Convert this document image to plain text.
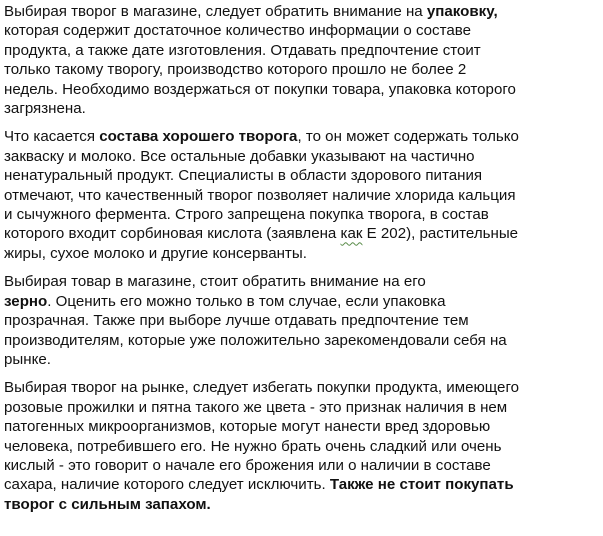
Выбирая творог в магазине, следует обратить внимание на упаковку,
которая содержит достаточное количество информации о составе
продукта, а также дате изготовления. Отдавать предпочтение стоит
только такому творогу, производство которого прошло не более 2
недель. Необходимо воздержаться от покупки товара, упаковка которого
загрязнена.

Что касается состава хорошего творога, то он может содержать только
закваску и молоко. Все остальные добавки указывают на частично
ненатуральный продукт. Специалисты в области здорового питания
отмечают, что качественный творог позволяет наличие хлорида кальция
и сычужного фермента. Строго запрещена покупка творога, в состав
которого входит сорбиновая кислота (заявлена как Е 202), растительные
жиры, сухое молоко и другие консерванты.

Выбирая товар в магазине, стоит обратить внимание на его
зерно. Оценить его можно только в том случае, если упаковка
прозрачная. Также при выборе лучше отдавать предпочтение тем
производителям, которые уже положительно зарекомендовали себя на
рынке.

Выбирая творог на рынке, следует избегать покупки продукта, имеющего
розовые прожилки и пятна такого же цвета - это признак наличия в нем
патогенных микроорганизмов, которые могут нанести вред здоровью
человека, потребившего его. Не нужно брать очень сладкий или очень
кислый - это говорит о начале его брожения или о наличии в составе
сахара, наличие которого следует исключить. Также не стоит покупать
творог с сильным запахом.
